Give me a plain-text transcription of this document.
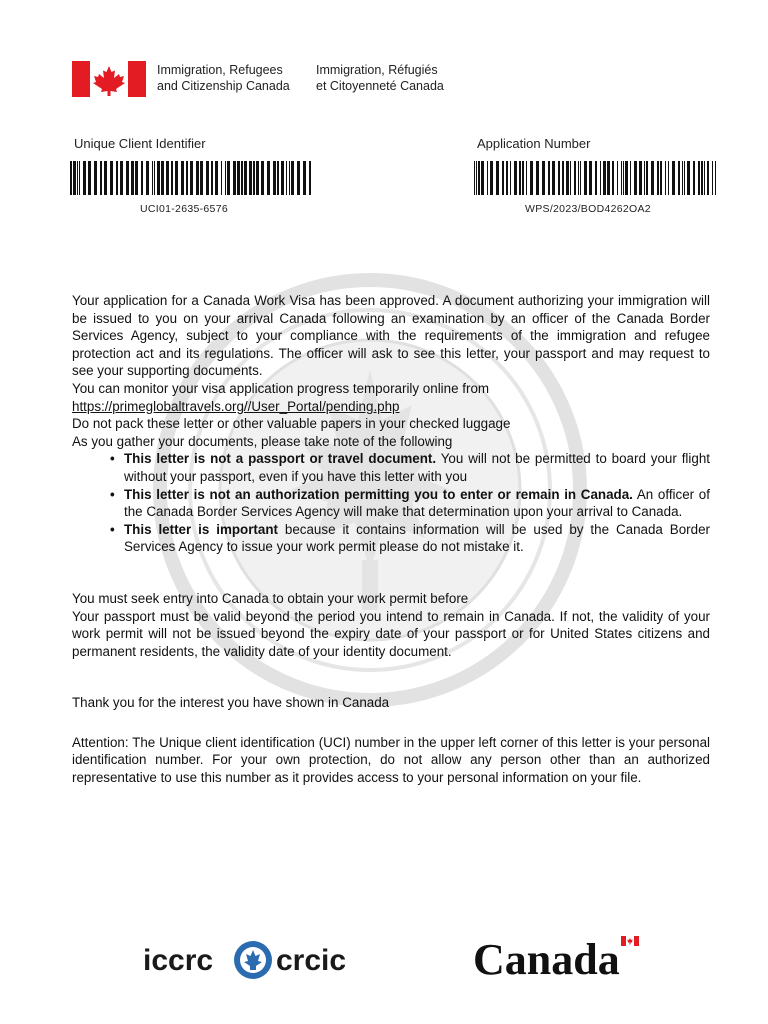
Immigration, Refugees
and Citizenship Canada
Immigration, Réfugiés
et Citoyenneté Canada
Unique Client Identifier	Application Number
UCI01-2635-6576	WPS/2023/BOD4262OA2

Your application for a Canada Work Visa has been approved. A document authorizing your immigration will be issued to you on your arrival Canada following an examination by an officer of the Canada Border Services Agency, subject to your compliance with the requirements of the immigration and refugee protection act and its regulations. The officer will ask to see this letter, your passport and may request to see your supporting documents.

You can monitor your visa application progress temporarily online from

https://primeglobaltravels.org//User_Portal/pending.php

Do not pack these letter or other valuable papers in your checked luggage

As you gather your documents, please take note of the following

• This letter is not a passport or travel document. You will not be permitted to board your flight without your passport, even if you have this letter with you
• This letter is not an authorization permitting you to enter or remain in Canada. An officer of the Canada Border Services Agency will make that determination upon your arrival to Canada.
• This letter is important because it contains information will be used by the Canada Border Services Agency to issue your work permit please do not mistake it.

You must seek entry into Canada to obtain your work permit before

Your passport must be valid beyond the period you intend to remain in Canada. If not, the validity of your work permit will not be issued beyond the expiry date of your passport or for United States citizens and permanent residents, the validity date of your identity document.

Thank you for the interest you have shown in Canada

Attention: The Unique client identification (UCI) number in the upper left corner of this letter is your personal identification number. For your own protection, do not allow any person other than an authorized representative to use this number as it provides access to your personal information on your file.

iccrc crcic	Canada
